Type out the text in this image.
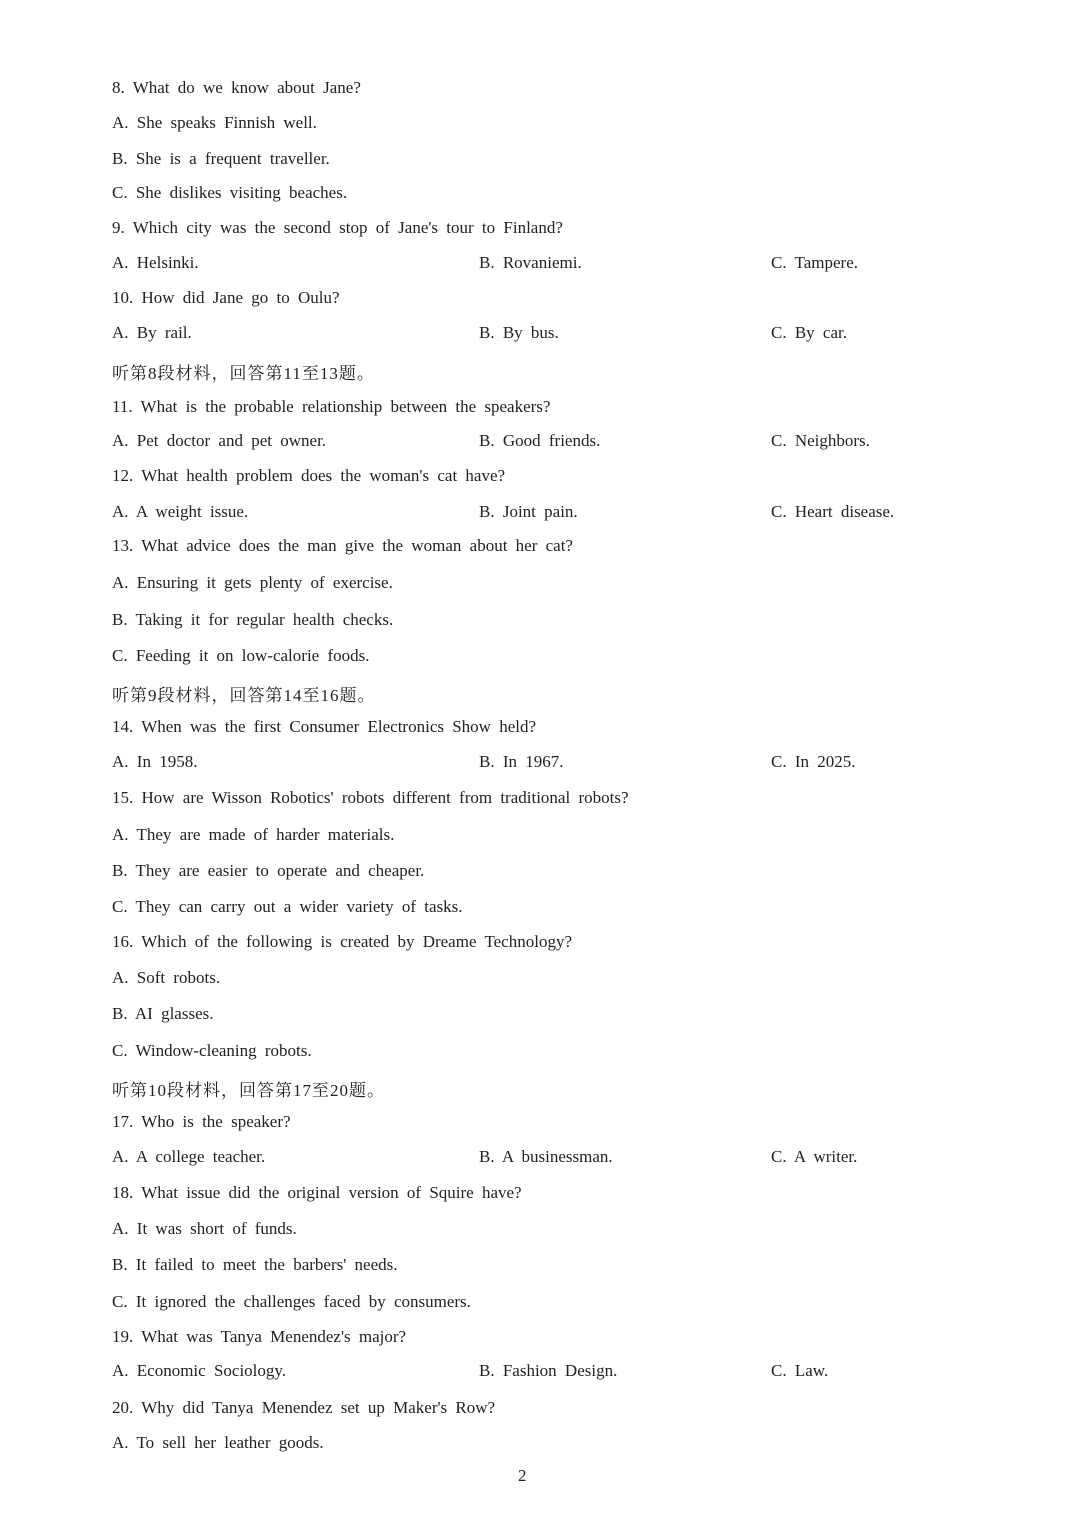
8. What do we know about Jane?
A. She speaks Finnish well.
B. She is a frequent traveller.
C. She dislikes visiting beaches.
9. Which city was the second stop of Jane's tour to Finland?
A. Helsinki.	B. Rovaniemi.	C. Tampere.
10. How did Jane go to Oulu?
A. By rail.	B. By bus.	C. By car.
听第8段材料，回答第11至13题。
11. What is the probable relationship between the speakers?
A. Pet doctor and pet owner.	B. Good friends.	C. Neighbors.
12. What health problem does the woman's cat have?
A. A weight issue.	B. Joint pain.	C. Heart disease.
13. What advice does the man give the woman about her cat?
A. Ensuring it gets plenty of exercise.
B. Taking it for regular health checks.
C. Feeding it on low-calorie foods.
听第9段材料，回答第14至16题。
14. When was the first Consumer Electronics Show held?
A. In 1958.	B. In 1967.	C. In 2025.
15. How are Wisson Robotics' robots different from traditional robots?
A. They are made of harder materials.
B. They are easier to operate and cheaper.
C. They can carry out a wider variety of tasks.
16. Which of the following is created by Dreame Technology?
A. Soft robots.
B. AI glasses.
C. Window-cleaning robots.
听第10段材料，回答第17至20题。
17. Who is the speaker?
A. A college teacher.	B. A businessman.	C. A writer.
18. What issue did the original version of Squire have?
A. It was short of funds.
B. It failed to meet the barbers' needs.
C. It ignored the challenges faced by consumers.
19. What was Tanya Menendez's major?
A. Economic Sociology.	B. Fashion Design.	C. Law.
20. Why did Tanya Menendez set up Maker's Row?
A. To sell her leather goods.
2
